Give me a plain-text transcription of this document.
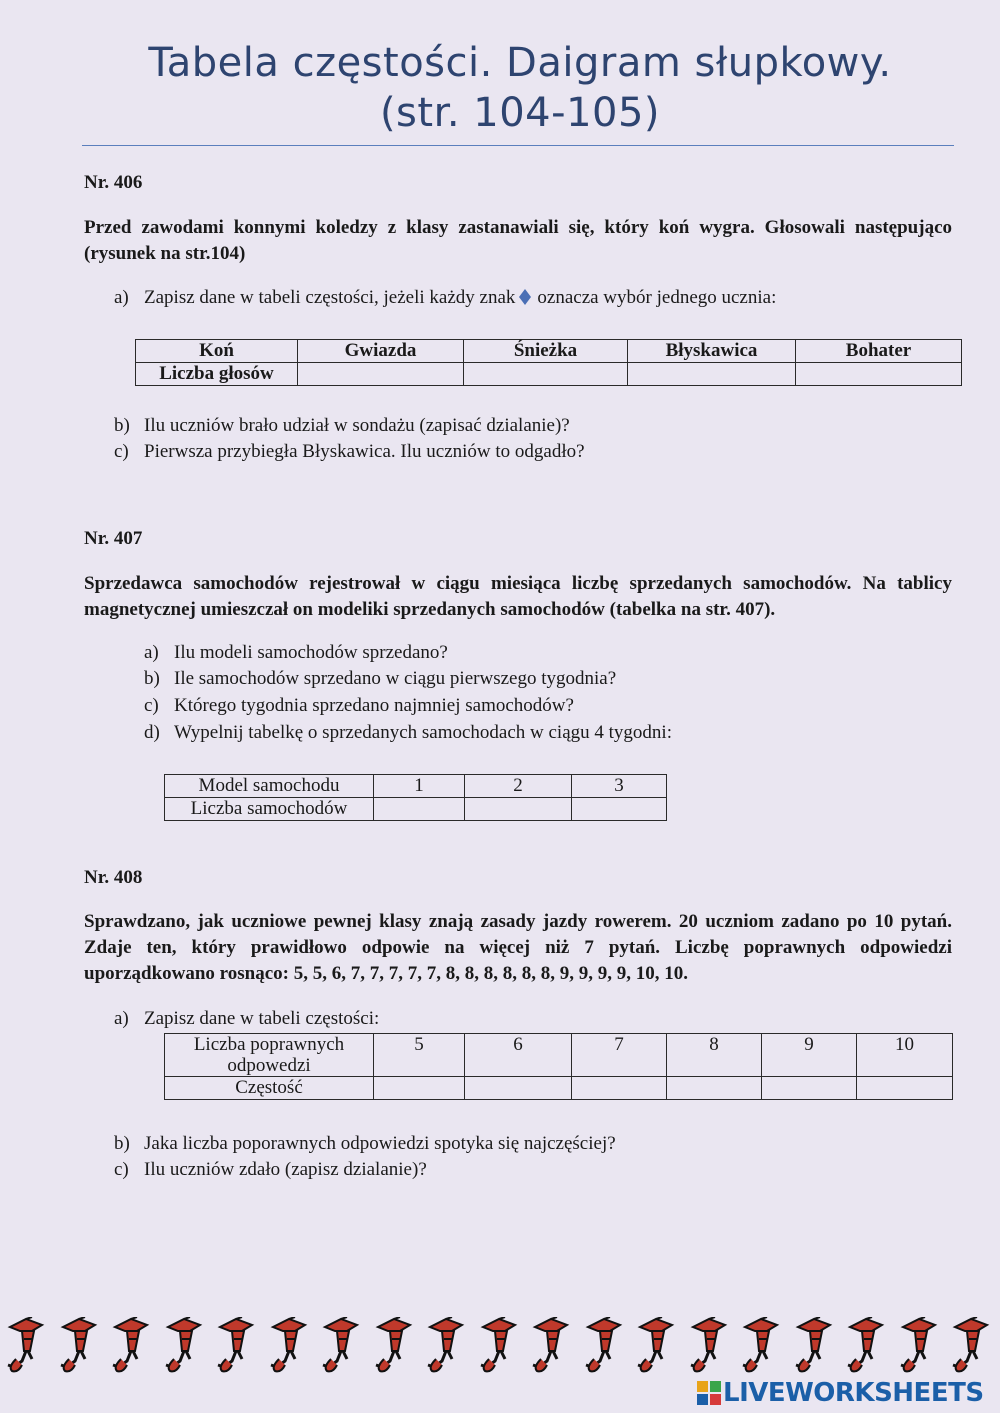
Tabela częstości. Daigram słupkowy.
(str. 104-105)
Nr. 406
Przed zawodami konnymi koledzy z klasy zastanawiali się, który koń wygra. Głosowali następująco (rysunek na str.104)
a) Zapisz dane w tabeli częstości, jeżeli każdy znak oznacza wybór jednego ucznia:
Koń	Gwiazda	Śnieżka	Błyskawica	Bohater
Liczba głosów				
b) Ilu uczniów brało udział w sondażu (zapisać dzialanie)?
c) Pierwsza przybiegła Błyskawica. Ilu uczniów to odgadło?
Nr. 407
Sprzedawca samochodów rejestrował w ciągu miesiąca liczbę sprzedanych samochodów. Na tablicy magnetycznej umieszczał on modeliki sprzedanych samochodów (tabelka na str. 407).
a) Ilu modeli samochodów sprzedano?
b) Ile samochodów sprzedano w ciągu pierwszego tygodnia?
c) Którego tygodnia sprzedano najmniej samochodów?
d) Wypelnij tabelkę o sprzedanych samochodach w ciągu 4 tygodni:
Model samochodu	1	2	3
Liczba samochodów			
Nr. 408
Sprawdzano, jak uczniowe pewnej klasy znają zasady jazdy rowerem. 20 uczniom zadano po 10 pytań. Zdaje ten, który prawidłowo odpowie na więcej niż 7 pytań. Liczbę poprawnych odpowiedzi uporządkowano rosnąco: 5, 5, 6, 7, 7, 7, 7, 7, 8, 8, 8, 8, 8, 8, 9, 9, 9, 9, 10, 10.
a) Zapisz dane w tabeli częstości:
Liczba poprawnych
odpowedzi	5	6	7	8	9	10
Częstość						
b) Jaka liczba poporawnych odpowiedzi spotyka się najczęściej?
c) Ilu uczniów zdało (zapisz dzialanie)?
LIVEWORKSHEETS
